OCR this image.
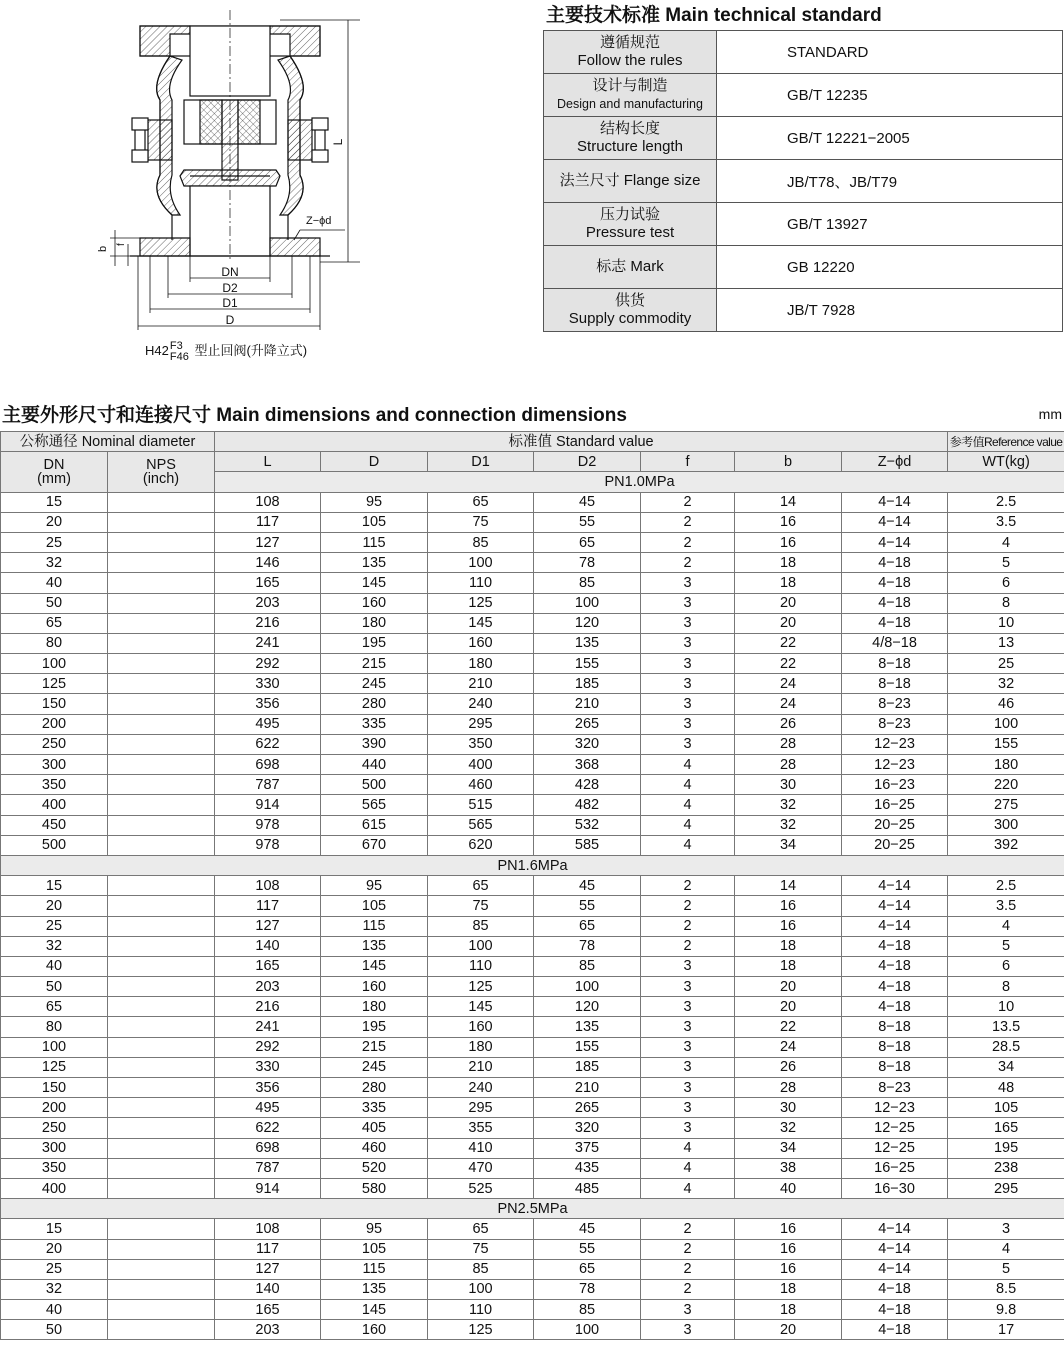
DN
D2
D1
D
L
Z−ϕd
b
f
H42 F3
F46 型止回阀(升降立式)
主要技术标准 Main technical standard
遵循规范
Follow the rules	STANDARD

设计与制造
Design and manufacturing	GB/T 12235

结构长度
Structure length	GB/T 12221−2005

法兰尺寸 Flange size	JB/T78、JB/T79

压力试验
Pressure test	GB/T 13927

标志 Mark	GB 12220

供货
Supply commodity	JB/T 7928
主要外形尺寸和连接尺寸 Main dimensions and connection dimensions	mm
公称通径 Nominal diameter		标准值 Standard value							参考值Reference value
DN
(mm)	NPS
(inch)	L	D	D1	D2	f	b	Z−ϕd	WT(kg)
		PN1.0MPa							
15		108	95	65	45	2	14	4−14	2.5
20		117	105	75	55	2	16	4−14	3.5
25		127	115	85	65	2	16	4−14	4
32		146	135	100	78	2	18	4−18	5
40		165	145	110	85	3	18	4−18	6
50		203	160	125	100	3	20	4−18	8
65		216	180	145	120	3	20	4−18	10
80		241	195	160	135	3	22	4/8−18	13
100		292	215	180	155	3	22	8−18	25
125		330	245	210	185	3	24	8−18	32
150		356	280	240	210	3	24	8−23	46
200		495	335	295	265	3	26	8−23	100
250		622	390	350	320	3	28	12−23	155
300		698	440	400	368	4	28	12−23	180
350		787	500	460	428	4	30	16−23	220
400		914	565	515	482	4	32	16−25	275
450		978	615	565	532	4	32	20−25	300
500		978	670	620	585	4	34	20−25	392
PN1.6MPa									
15		108	95	65	45	2	14	4−14	2.5
20		117	105	75	55	2	16	4−14	3.5
25		127	115	85	65	2	16	4−14	4
32		140	135	100	78	2	18	4−18	5
40		165	145	110	85	3	18	4−18	6
50		203	160	125	100	3	20	4−18	8
65		216	180	145	120	3	20	4−18	10
80		241	195	160	135	3	22	8−18	13.5
100		292	215	180	155	3	24	8−18	28.5
125		330	245	210	185	3	26	8−18	34
150		356	280	240	210	3	28	8−23	48
200		495	335	295	265	3	30	12−23	105
250		622	405	355	320	3	32	12−25	165
300		698	460	410	375	4	34	12−25	195
350		787	520	470	435	4	38	16−25	238
400		914	580	525	485	4	40	16−30	295
PN2.5MPa									
15		108	95	65	45	2	16	4−14	3
20		117	105	75	55	2	16	4−14	4
25		127	115	85	65	2	16	4−14	5
32		140	135	100	78	2	18	4−18	8.5
40		165	145	110	85	3	18	4−18	9.8
50		203	160	125	100	3	20	4−18	17
